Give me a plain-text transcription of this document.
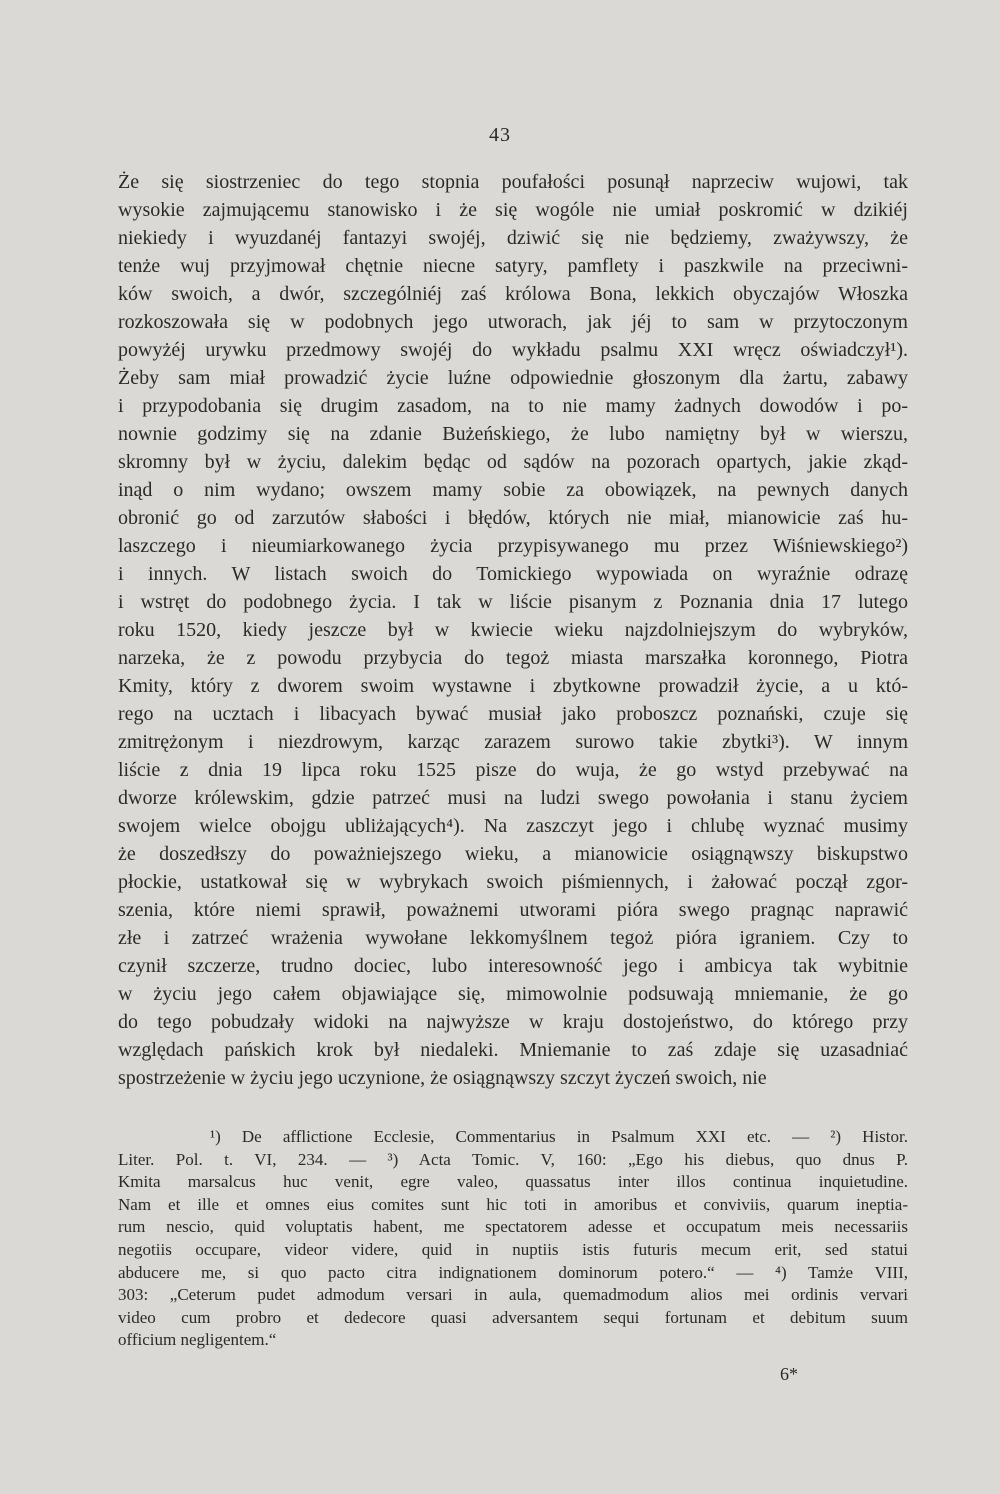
43
Że się siostrzeniec do tego stopnia poufałości posunął naprzeciw wujowi, tak
wysokie zajmującemu stanowisko i że się wogóle nie umiał poskromić w dzikiéj
niekiedy i wyuzdanéj fantazyi swojéj, dziwić się nie będziemy, zważywszy, że
tenże wuj przyjmował chętnie niecne satyry, pamflety i paszkwile na przeciwni-
ków swoich, a dwór, szczególniéj zaś królowa Bona, lekkich obyczajów Włoszka
rozkoszowała się w podobnych jego utworach, jak jéj to sam w przytoczonym
powyżéj urywku przedmowy swojéj do wykładu psalmu XXI wręcz oświadczył¹).
Żeby sam miał prowadzić życie luźne odpowiednie głoszonym dla żartu, zabawy
i przypodobania się drugim zasadom, na to nie mamy żadnych dowodów i po-
nownie godzimy się na zdanie Bużeńskiego, że lubo namiętny był w wierszu,
skromny był w życiu, dalekim będąc od sądów na pozorach opartych, jakie zkąd-
inąd o nim wydano; owszem mamy sobie za obowiązek, na pewnych danych
obronić go od zarzutów słabości i błędów, których nie miał, mianowicie zaś hu-
laszczego i nieumiarkowanego życia przypisywanego mu przez Wiśniewskiego²)
i innych. W listach swoich do Tomickiego wypowiada on wyraźnie odrazę
i wstręt do podobnego życia. I tak w liście pisanym z Poznania dnia 17 lutego
roku 1520, kiedy jeszcze był w kwiecie wieku najzdolniejszym do wybryków,
narzeka, że z powodu przybycia do tegoż miasta marszałka koronnego, Piotra
Kmity, który z dworem swoim wystawne i zbytkowne prowadził życie, a u któ-
rego na ucztach i libacyach bywać musiał jako proboszcz poznański, czuje się
zmitrężonym i niezdrowym, karząc zarazem surowo takie zbytki³). W innym
liście z dnia 19 lipca roku 1525 pisze do wuja, że go wstyd przebywać na
dworze królewskim, gdzie patrzeć musi na ludzi swego powołania i stanu życiem
swojem wielce obojgu ubliżających⁴). Na zaszczyt jego i chlubę wyznać musimy
że doszedłszy do poważniejszego wieku, a mianowicie osiągnąwszy biskupstwo
płockie, ustatkował się w wybrykach swoich piśmiennych, i żałować począł zgor-
szenia, które niemi sprawił, poważnemi utworami pióra swego pragnąc naprawić
złe i zatrzeć wrażenia wywołane lekkomyślnem tegoż pióra igraniem. Czy to
czynił szczerze, trudno dociec, lubo interesowność jego i ambicya tak wybitnie
w życiu jego całem objawiające się, mimowolnie podsuwają mniemanie, że go
do tego pobudzały widoki na najwyższe w kraju dostojeństwo, do którego przy
względach pańskich krok był niedaleki. Mniemanie to zaś zdaje się uzasadniać
spostrzeżenie w życiu jego uczynione, że osiągnąwszy szczyt życzeń swoich, nie
¹) De afflictione Ecclesie, Commentarius in Psalmum XXI etc. — ²) Histor.
Liter. Pol. t. VI, 234. — ³) Acta Tomic. V, 160: „Ego his diebus, quo dnus P.
Kmita marsalcus huc venit, egre valeo, quassatus inter illos continua inquietudine.
Nam et ille et omnes eius comites sunt hic toti in amoribus et conviviis, quarum ineptia-
rum nescio, quid voluptatis habent, me spectatorem adesse et occupatum meis necessariis
negotiis occupare, videor videre, quid in nuptiis istis futuris mecum erit, sed statui
abducere me, si quo pacto citra indignationem dominorum potero.“ — ⁴) Tamże VIII,
303: „Ceterum pudet admodum versari in aula, quemadmodum alios mei ordinis vervari
video cum probro et dedecore quasi adversantem sequi fortunam et debitum suum
officium negligentem.“
6*
